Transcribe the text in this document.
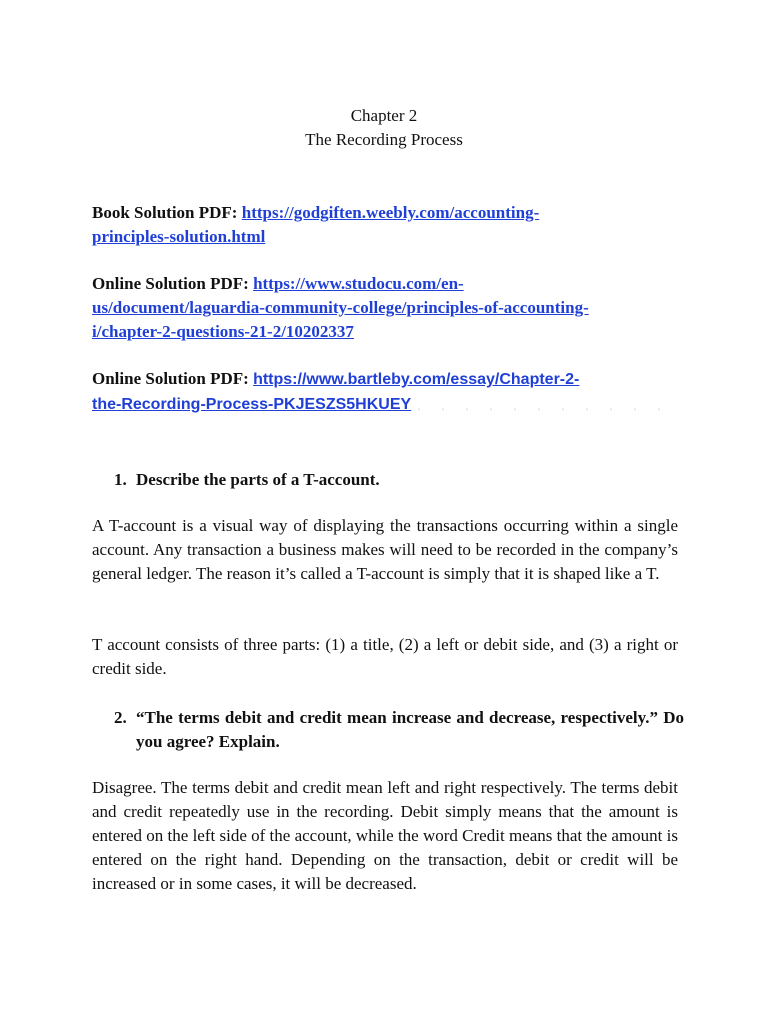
Chapter 2
The Recording Process
Book Solution PDF: https://godgiften.weebly.com/accounting-
principles-solution.html
Online Solution PDF: https://www.studocu.com/en-
us/document/laguardia-community-college/principles-of-accounting-
i/chapter-2-questions-21-2/10202337
Online Solution PDF: https://www.bartleby.com/essay/Chapter-2-
the-Recording-Process-PKJESZS5HKUEY
1. Describe the parts of a T-account.
A T-account is a visual way of displaying the transactions occurring within a single account. Any transaction a business makes will need to be recorded in the company’s general ledger. The reason it’s called a T-account is simply that it is shaped like a T.
T account consists of three parts: (1) a title, (2) a left or debit side, and (3) a right or credit side.
2. “The terms debit and credit mean increase and decrease, respectively.” Do you agree? Explain.
Disagree. The terms debit and credit mean left and right respectively. The terms debit and credit repeatedly use in the recording. Debit simply means that the amount is entered on the left side of the account, while the word Credit means that the amount is entered on the right hand. Depending on the transaction, debit or credit will be increased or in some cases, it will be decreased.
